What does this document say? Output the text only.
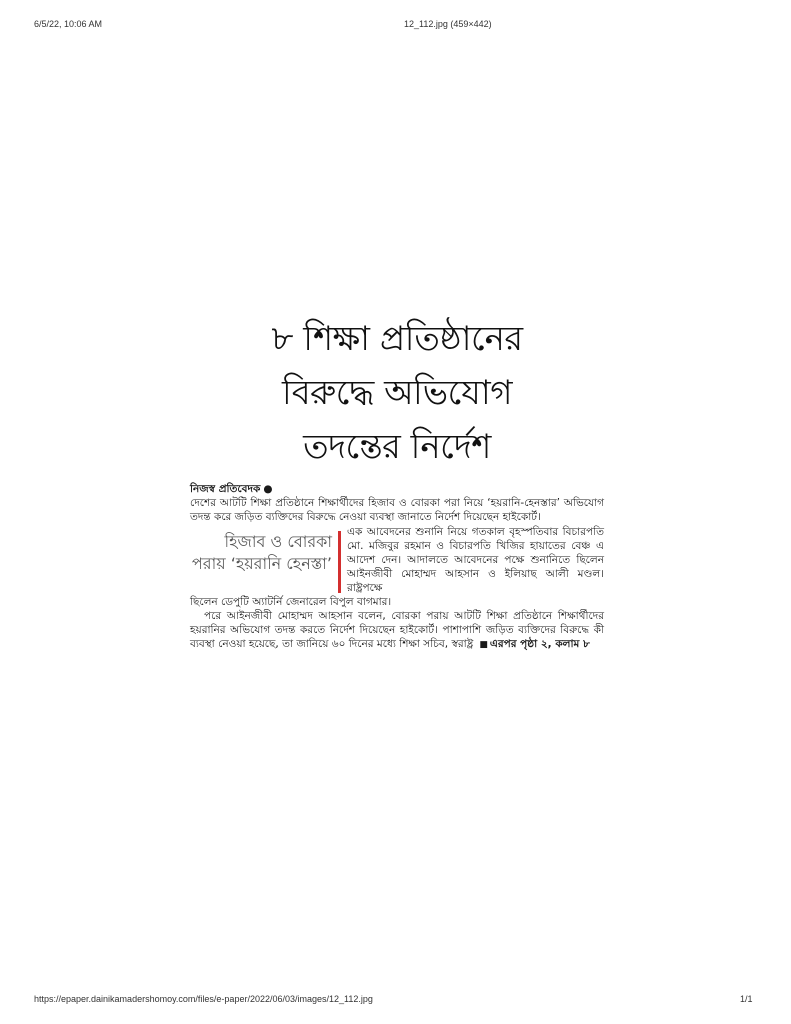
6/5/22, 10:06 AM	12_112.jpg (459×442)
৮ শিক্ষা প্রতিষ্ঠানের
বিরুদ্ধে অভিযোগ
তদন্তের নির্দেশ
নিজস্ব প্রতিবেদক ●

দেশের আটটি শিক্ষা প্রতিষ্ঠানে শিক্ষার্থীদের হিজাব ও বোরকা পরা নিয়ে ‘হয়রানি-হেনস্তার’ অভিযোগ তদন্ত করে জড়িত ব্যক্তিদের বিরুদ্ধে নেওয়া ব্যবস্থা জানাতে নির্দেশ দিয়েছেন হাইকোর্ট।

হিজাব ও বোরকা পরায় ‘হয়রানি হেনস্তা’
এক আবেদনের শুনানি নিয়ে গতকাল বৃহস্পতিবার বিচারপতি মো. মজিবুর রহমান ও বিচারপতি খিজির হায়াতের বেঞ্চ এ আদেশ দেন। আদালতে আবেদনের পক্ষে শুনানিতে ছিলেন আইনজীবী মোহাম্মদ আহসান ও ইলিয়াছ আলী মণ্ডল। রাষ্ট্রপক্ষে

ছিলেন ডেপুটি অ্যাটর্নি জেনারেল বিপুল বাগমার।

পরে আইনজীবী মোহাম্মদ আহসান বলেন, বোরকা পরায় আটটি শিক্ষা প্রতিষ্ঠানে শিক্ষার্থীদের হয়রানির অভিযোগ তদন্ত করতে নির্দেশ দিয়েছেন হাইকোর্ট। পাশাপাশি জড়িত ব্যক্তিদের বিরুদ্ধে কী ব্যবস্থা নেওয়া হয়েছে, তা জানিয়ে ৬০ দিনের মধ্যে শিক্ষা সচিব, স্বরাষ্ট্র ■ এরপর পৃষ্ঠা ২, কলাম ৮

https://epaper.dainikamadershomoy.com/files/e-paper/2022/06/03/images/12_112.jpg	1/1
